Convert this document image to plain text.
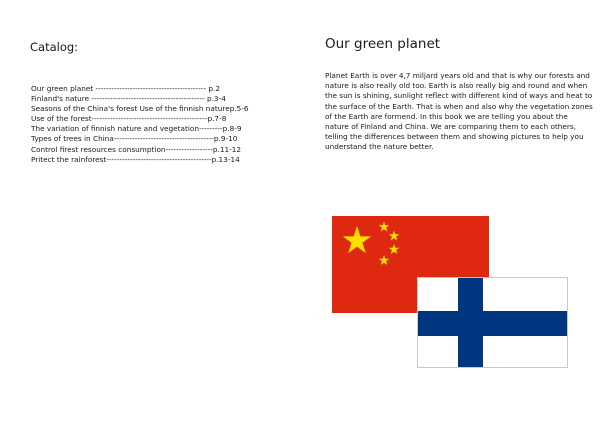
Catalog:
Our green planet ------------------------------------------ p.2
Finland's nature ------------------------------------------- p.3-4
Seasons of the China's forest Use of the finnish naturep.5-6
Use of the forest--------------------------------------------p.7-8
The variation of finnish nature and vegetation---------p.8-9
Types of trees in China--------------------------------------p.9-10
Control firest resources consumption------------------p.11-12
Pritect the rainforest----------------------------------------p.13-14
Our green planet

Planet Earth is over 4,7 miljard years old and that is why our forests and nature is also really old too. Earth is also really big and round and when the sun is shining, sunlight reflect with different kind of ways and heat to the surface of the Earth. That is when and also why the vegetation zones of the Earth are formend. In this book we are telling you about the nature of Finland and China. We are comparing them to each others, telling the differences between them and showing pictures to help you understand the nature better.
